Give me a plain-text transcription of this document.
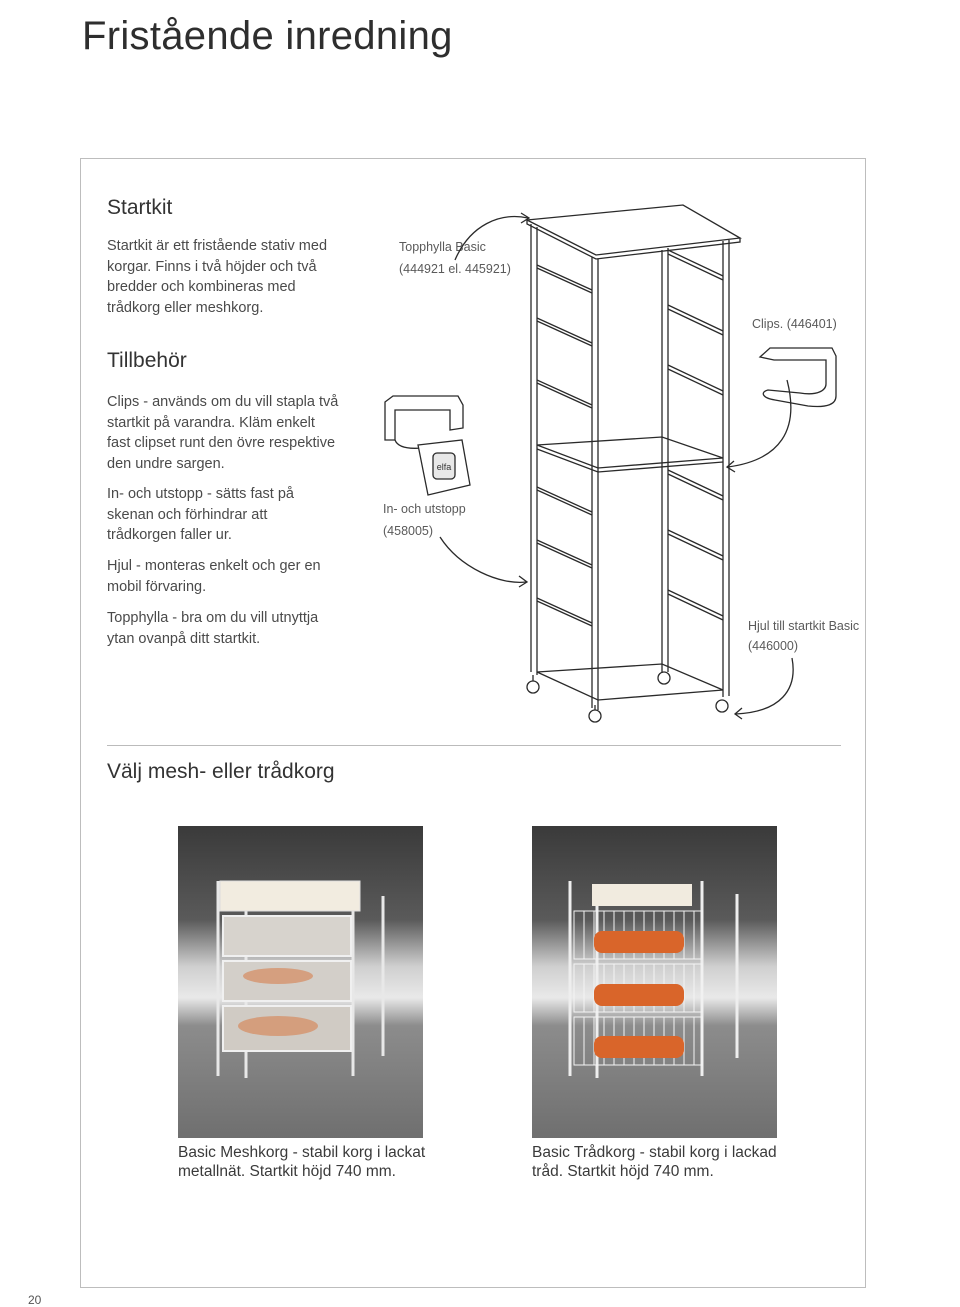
Fristående inredning
Startkit
Startkit är ett fristående stativ med korgar. Finns i två höjder och två bredder och kombineras med trådkorg eller meshkorg.
Tillbehör

Clips - används om du vill stapla två startkit på varandra. Kläm enkelt fast clipset runt den övre respektive den undre sargen.

In- och utstopp - sätts fast på skenan och förhindrar att trådkorgen faller ur.

Hjul - monteras enkelt och ger en mobil förvaring.

Topphylla - bra om du vill utnyttja ytan ovanpå ditt startkit.

Topphylla Basic
(444921 el. 445921)
Clips. (446401)
In- och utstopp
(458005)
Hjul till startkit Basic
(446000)
elfa
Välj mesh- eller trådkorg
Basic Meshkorg - stabil korg i lackat metallnät. Startkit höjd 740 mm.
Basic Trådkorg - stabil korg i lackad tråd. Startkit höjd 740 mm.
20
